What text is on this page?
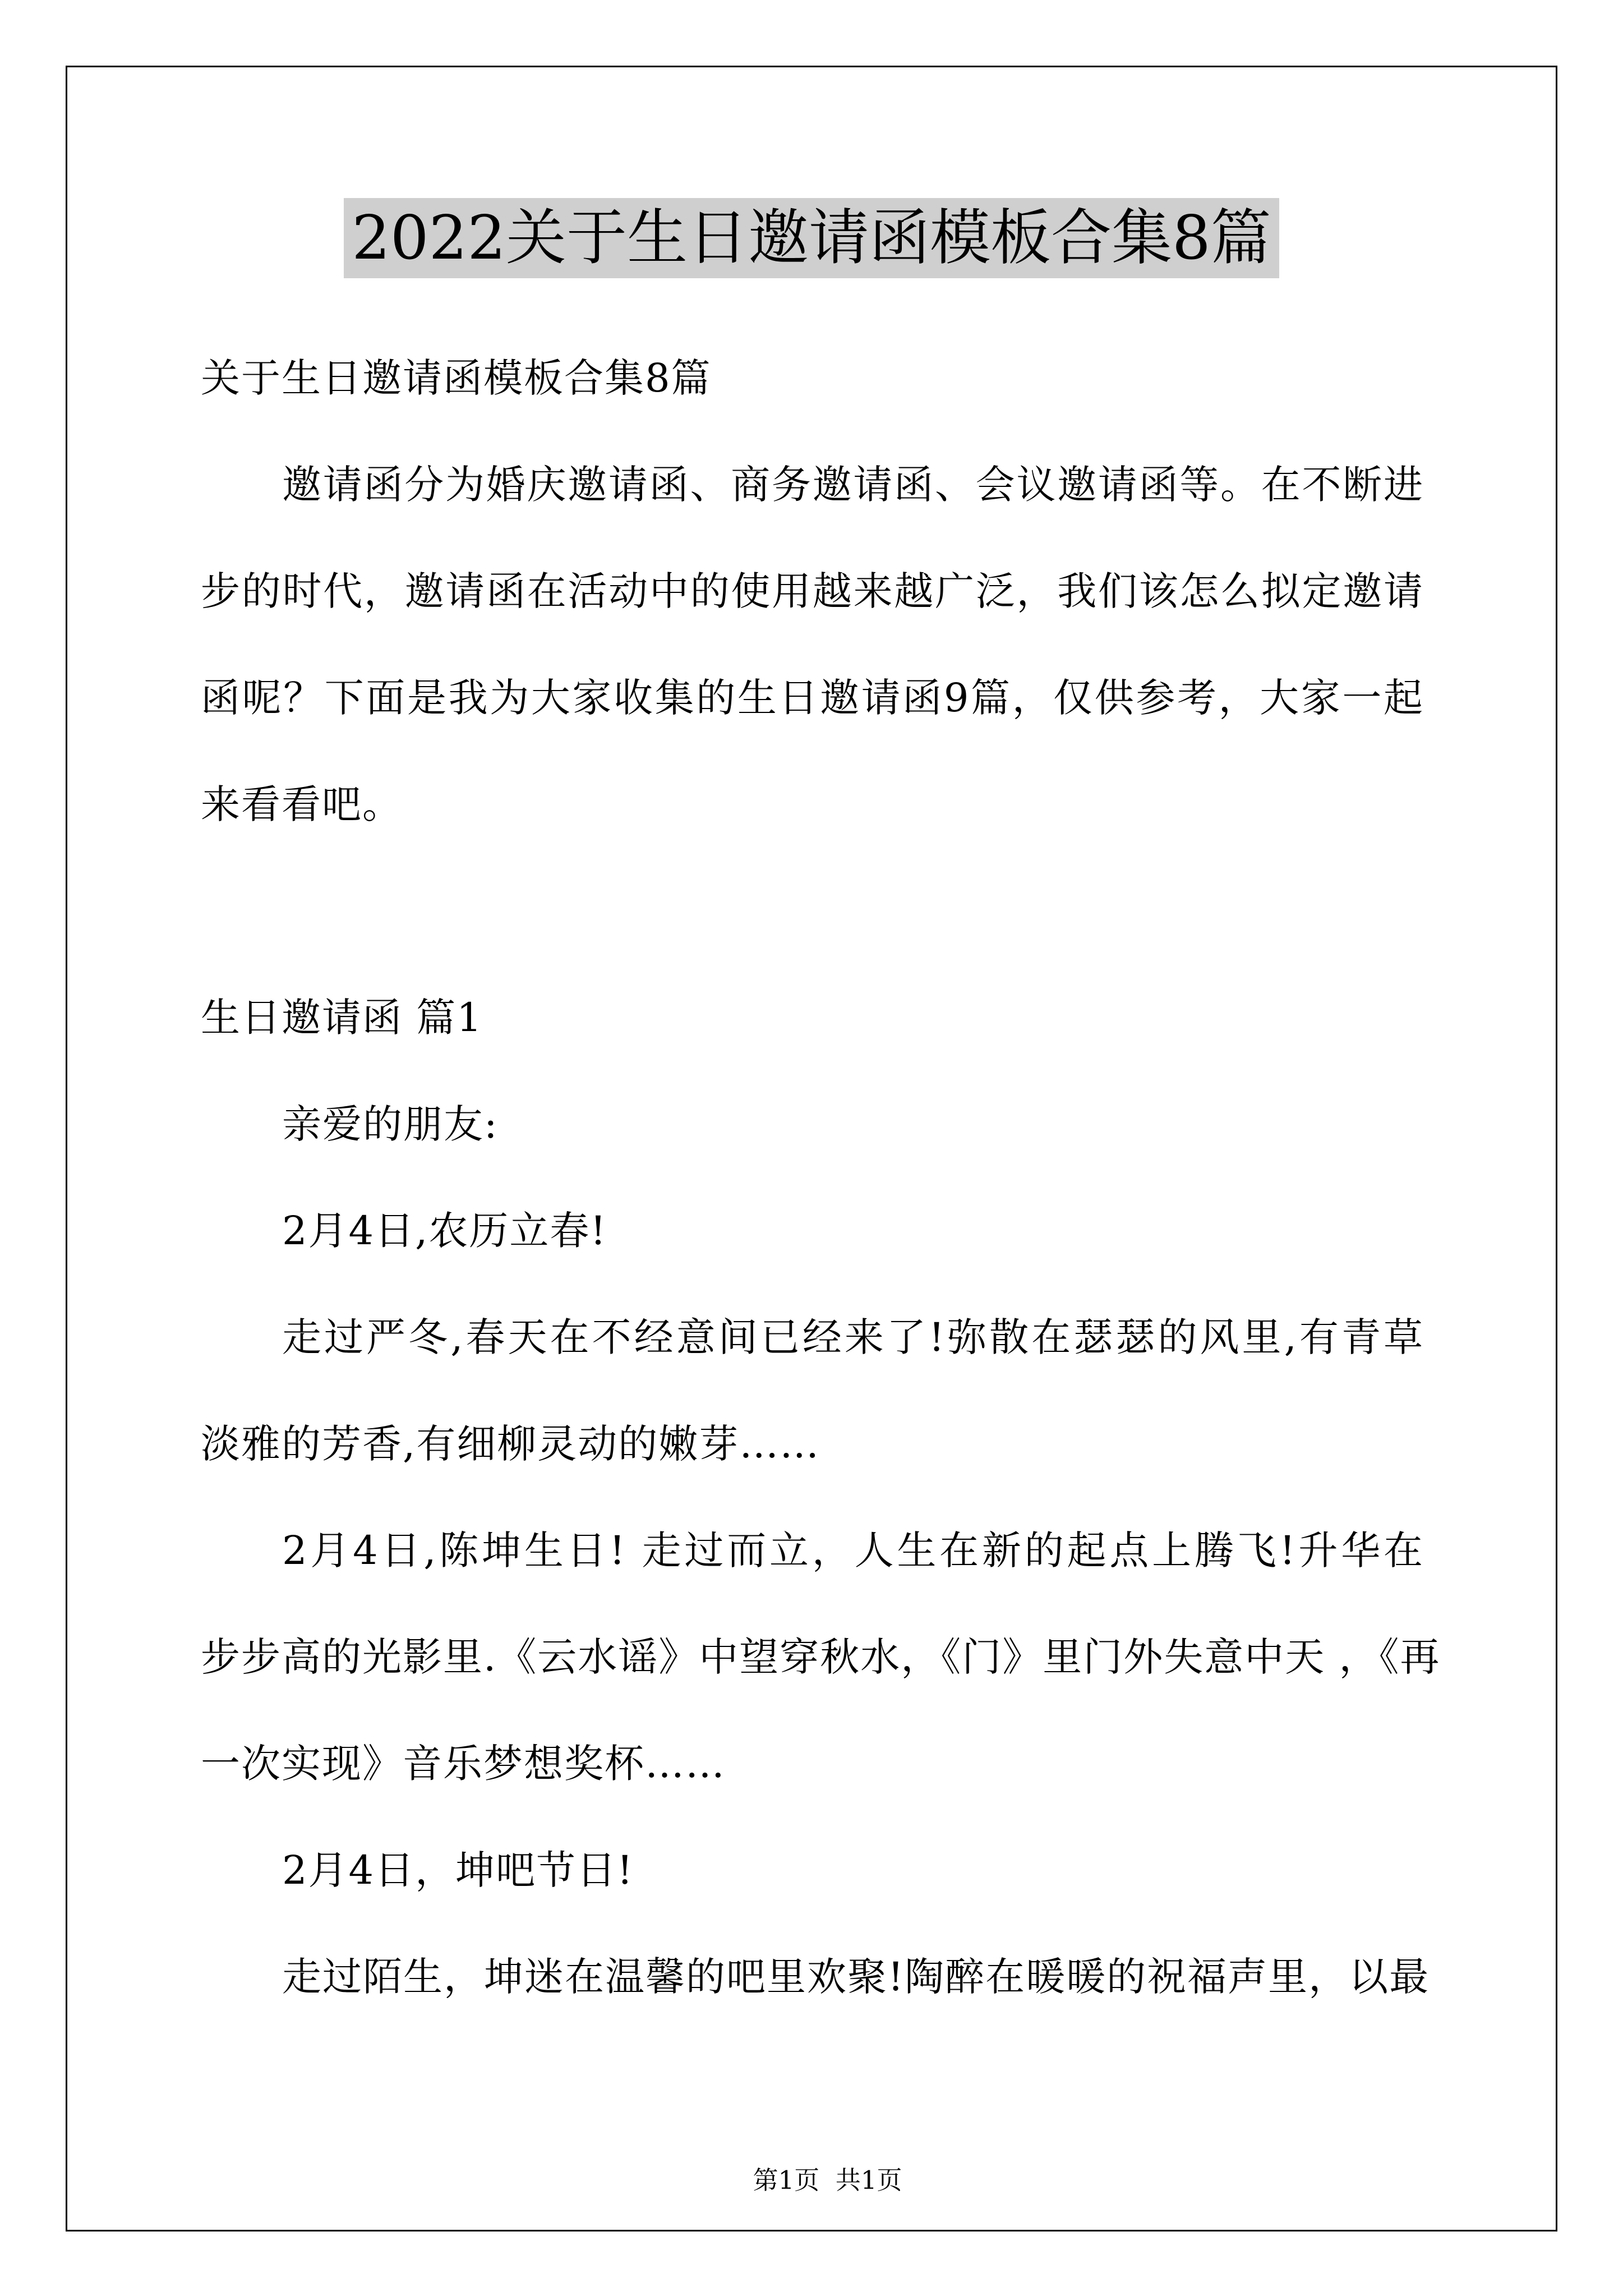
2022关于生日邀请函模板合集8篇
关于生日邀请函模板合集8篇
邀请函分为婚庆邀请函、商务邀请函、会议邀请函等。在不断进
步的时代，邀请函在活动中的使用越来越广泛，我们该怎么拟定邀请
函呢？下面是我为大家收集的生日邀请函9篇，仅供参考，大家一起
来看看吧。
生日邀请函 篇1
亲爱的朋友:
2月4日,农历立春!
走过严冬,春天在不经意间已经来了!弥散在瑟瑟的风里,有青草
淡雅的芳香,有细柳灵动的嫩芽……
2月4日,陈坤生日! 走过而立，人生在新的起点上腾飞!升华在
步步高的光影里.《云水谣》中望穿秋水，《门》里门外失意中天 ，《再
一次实现》音乐梦想奖杯……
2月4日，坤吧节日!
走过陌生，坤迷在温馨的吧里欢聚!陶醉在暖暖的祝福声里，以最

第1页  共1页
